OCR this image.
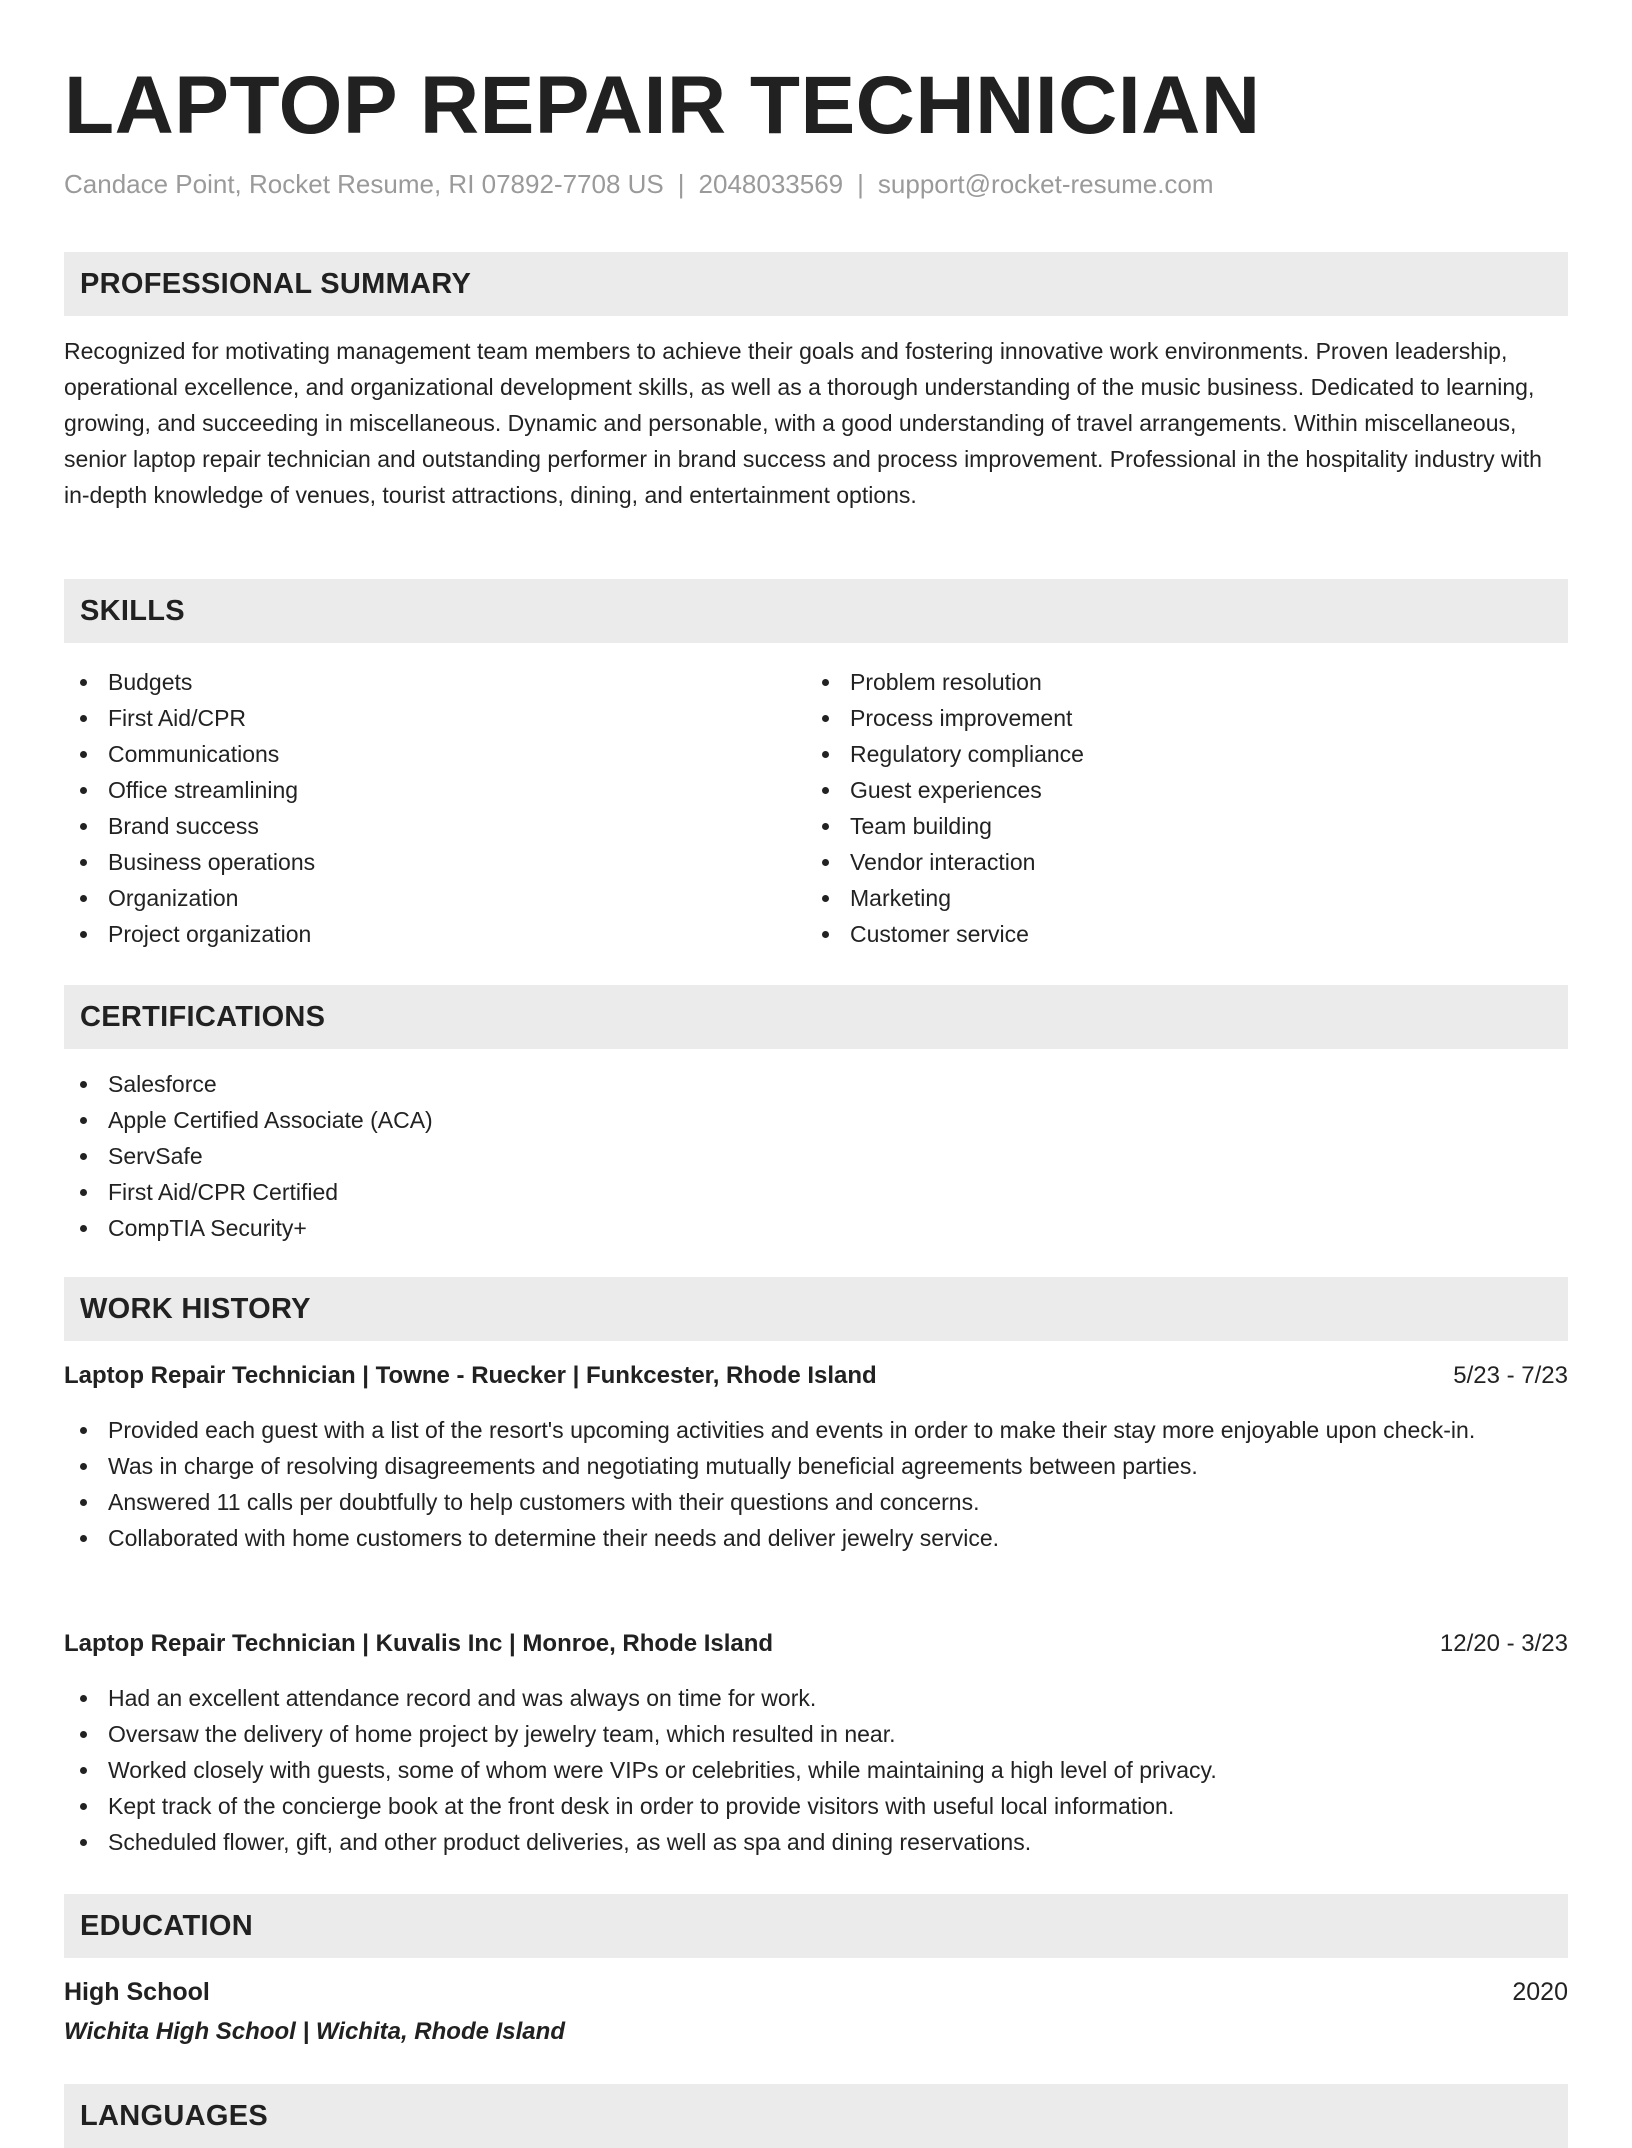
LAPTOP REPAIR TECHNICIAN
Candace Point, Rocket Resume, RI 07892-7708 US | 2048033569 | support@rocket-resume.com
PROFESSIONAL SUMMARY

Recognized for motivating management team members to achieve their goals and fostering innovative work environments. Proven leadership, operational excellence, and organizational development skills, as well as a thorough understanding of the music business. Dedicated to learning, growing, and succeeding in miscellaneous. Dynamic and personable, with a good understanding of travel arrangements. Within miscellaneous, senior laptop repair technician and outstanding performer in brand success and process improvement. Professional in the hospitality industry with in-depth knowledge of venues, tourist attractions, dining, and entertainment options.

SKILLS
Budgets
First Aid/CPR
Communications
Office streamlining
Brand success
Business operations
Organization
Project organization
Problem resolution
Process improvement
Regulatory compliance
Guest experiences
Team building
Vendor interaction
Marketing
Customer service
CERTIFICATIONS
Salesforce
Apple Certified Associate (ACA)
ServSafe
First Aid/CPR Certified
CompTIA Security+
WORK HISTORY
Laptop Repair Technician | Towne - Ruecker | Funkcester, Rhode Island	5/23 - 7/23
Provided each guest with a list of the resort's upcoming activities and events in order to make their stay more enjoyable upon check-in.
Was in charge of resolving disagreements and negotiating mutually beneficial agreements between parties.
Answered 11 calls per doubtfully to help customers with their questions and concerns.
Collaborated with home customers to determine their needs and deliver jewelry service.
Laptop Repair Technician | Kuvalis Inc | Monroe, Rhode Island	12/20 - 3/23
Had an excellent attendance record and was always on time for work.
Oversaw the delivery of home project by jewelry team, which resulted in near.
Worked closely with guests, some of whom were VIPs or celebrities, while maintaining a high level of privacy.
Kept track of the concierge book at the front desk in order to provide visitors with useful local information.
Scheduled flower, gift, and other product deliveries, as well as spa and dining reservations.
EDUCATION
High School	2020
Wichita High School | Wichita, Rhode Island
LANGUAGES
